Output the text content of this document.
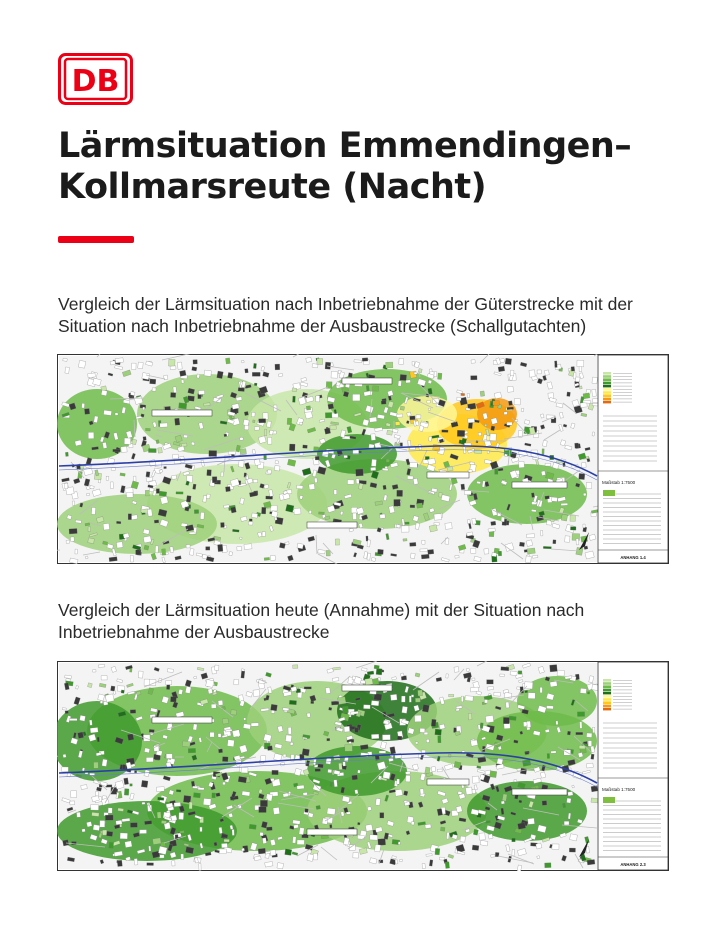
DB
Lärmsituation Emmendingen–
Kollmarsreute (Nacht)

Vergleich der Lärmsituation nach Inbetriebnahme der Güterstrecke mit der
Situation nach Inbetriebnahme der Ausbaustrecke (Schallgutachten)

Maßstab 1:7500
ANHANG 1.4

Vergleich der Lärmsituation heute (Annahme) mit der Situation nach
Inbetriebnahme der Ausbaustrecke

Maßstab 1:7500
ANHANG 2.3
